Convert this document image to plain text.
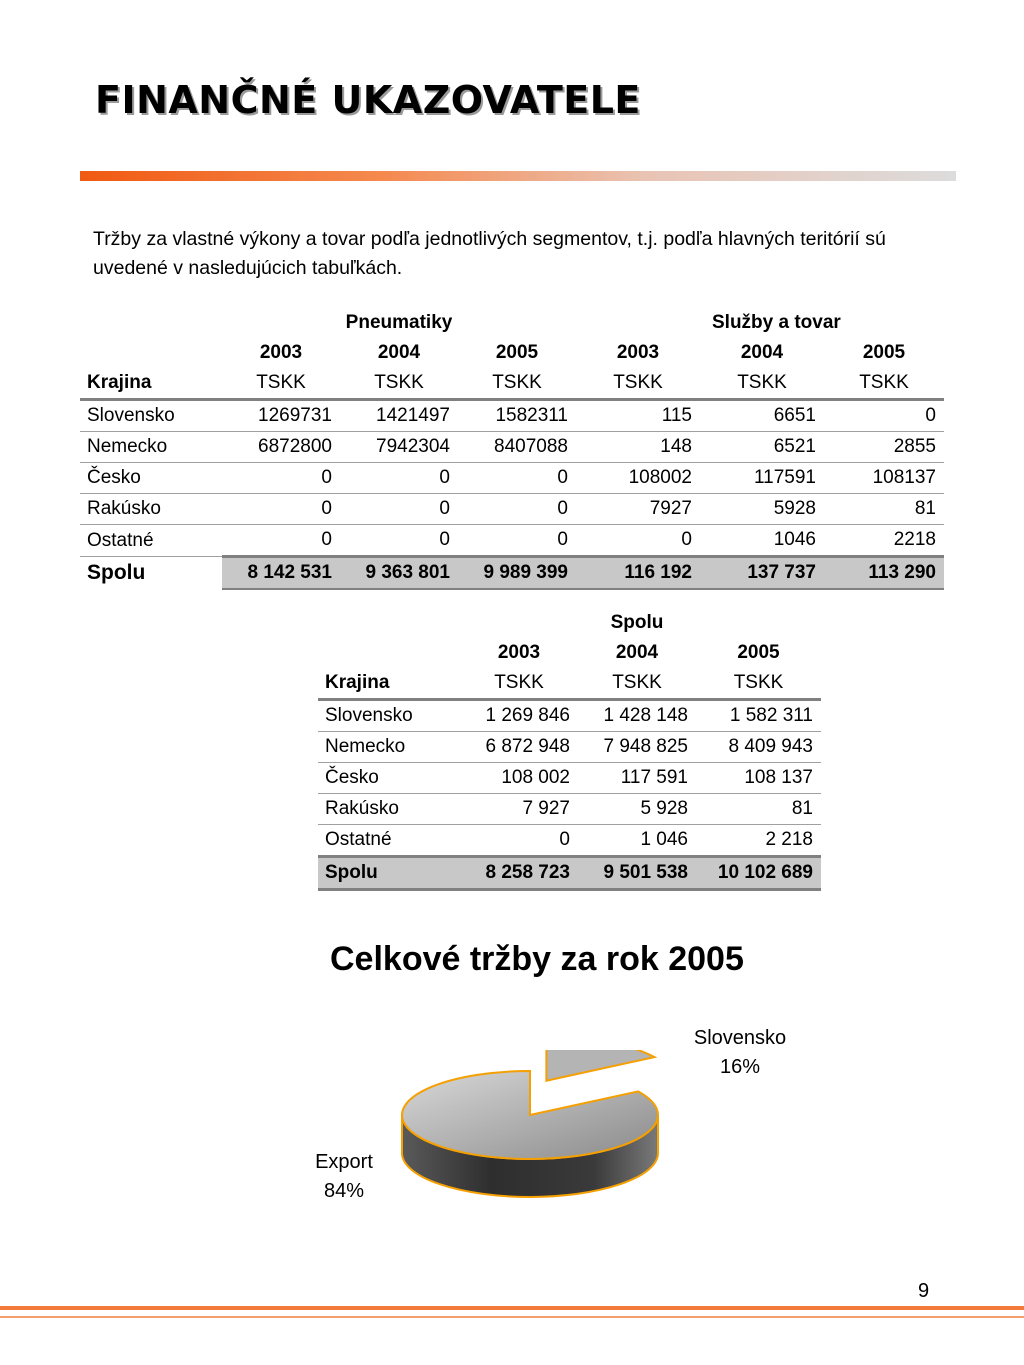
FINANČNÉ UKAZOVATELE
Tržby za vlastné výkony a tovar podľa jednotlivých segmentov, t.j. podľa hlavných teritórií sú uvedené v nasledujúcich tabuľkách.
		Pneumatiky			Služby a tovar	
	2003	2004	2005	2003	2004	2005
Krajina	TSKK	TSKK	TSKK	TSKK	TSKK	TSKK
Slovensko	1269731	1421497	1582311	115	6651	0
Nemecko	6872800	7942304	8407088	148	6521	2855
Česko	0	0	0	108002	117591	108137
Rakúsko	0	0	0	7927	5928	81
Ostatné	0	0	0	0	1046	2218
Spolu	8 142 531	9 363 801	9 989 399	116 192	137 737	113 290
		Spolu	
	2003	2004	2005
Krajina	TSKK	TSKK	TSKK
Slovensko	1 269 846	1 428 148	1 582 311
Nemecko	6 872 948	7 948 825	8 409 943
Česko	108 002	117 591	108 137
Rakúsko	7 927	5 928	81
Ostatné	0	1 046	2 218
Spolu	8 258 723	9 501 538	10 102 689
Celkové tržby za rok 2005
Slovensko
16%
Export
84%
9
